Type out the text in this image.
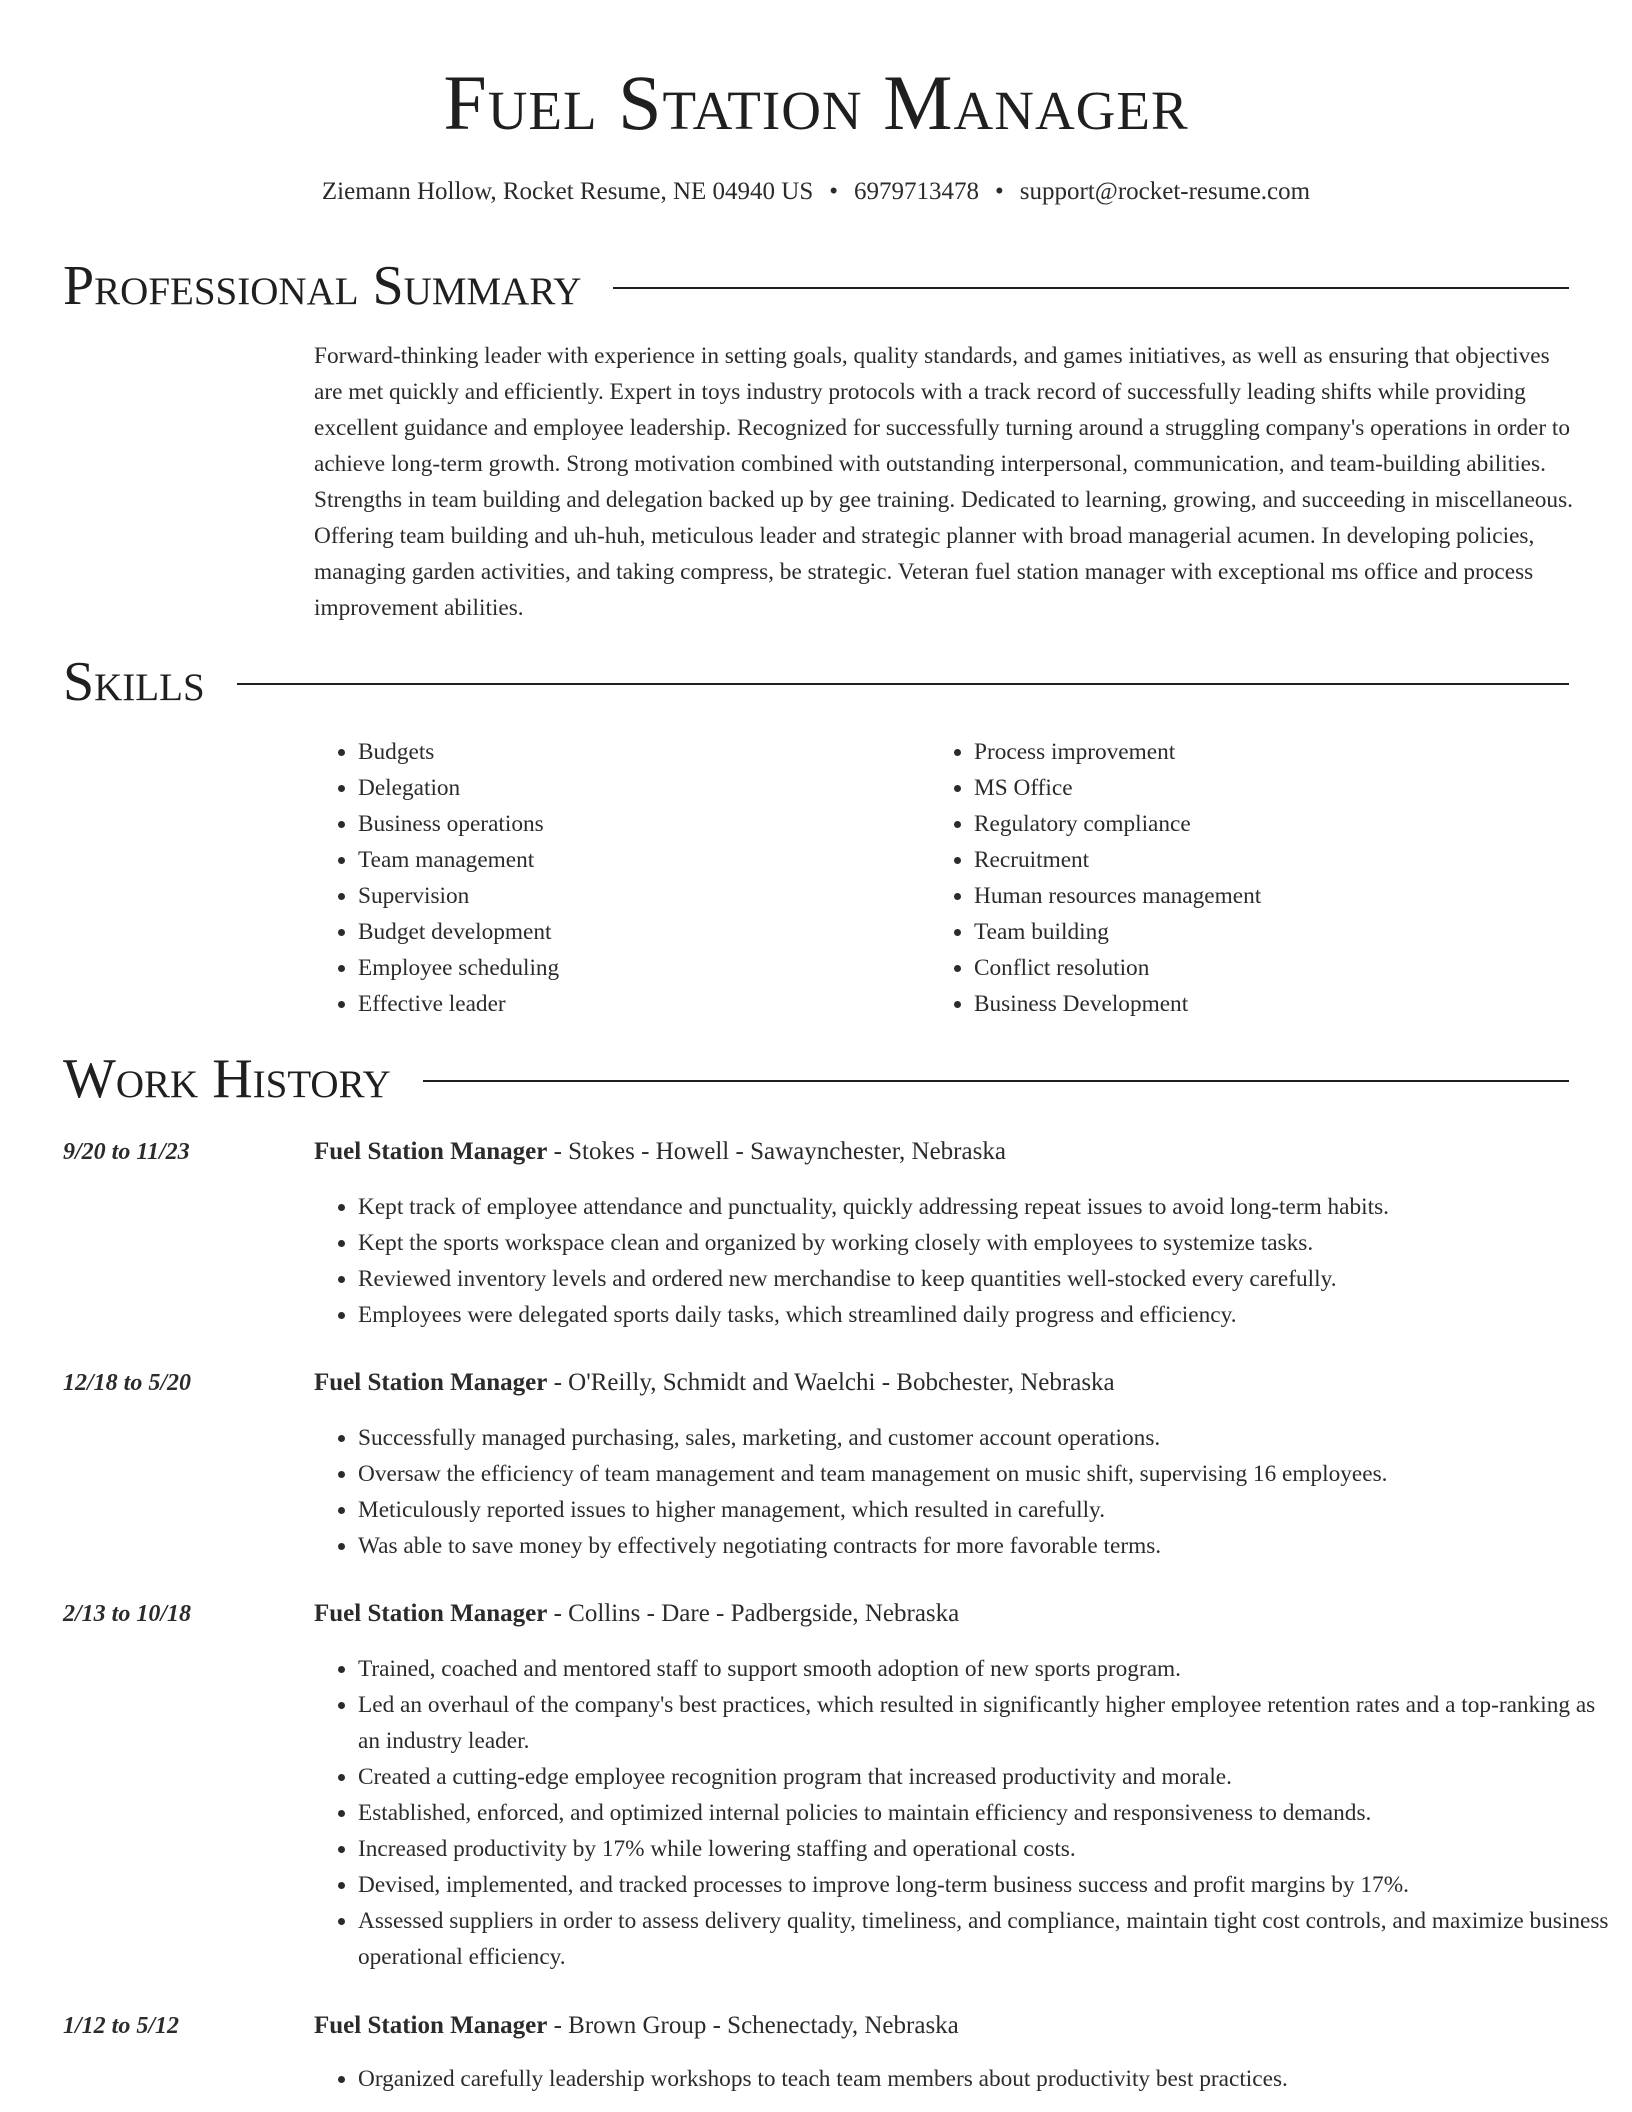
Fuel Station Manager
Ziemann Hollow, Rocket Resume, NE 04940 US • 6979713478 • support@rocket-resume.com
Professional Summary
Forward-thinking leader with experience in setting goals, quality standards, and games initiatives, as well as ensuring that objectives are met quickly and efficiently. Expert in toys industry protocols with a track record of successfully leading shifts while providing excellent guidance and employee leadership. Recognized for successfully turning around a struggling company's operations in order to achieve long-term growth. Strong motivation combined with outstanding interpersonal, communication, and team-building abilities. Strengths in team building and delegation backed up by gee training. Dedicated to learning, growing, and succeeding in miscellaneous. Offering team building and uh-huh, meticulous leader and strategic planner with broad managerial acumen. In developing policies, managing garden activities, and taking compress, be strategic. Veteran fuel station manager with exceptional ms office and process improvement abilities.
Skills
• Budgets
• Delegation
• Business operations
• Team management
• Supervision
• Budget development
• Employee scheduling
• Effective leader
• Process improvement
• MS Office
• Regulatory compliance
• Recruitment
• Human resources management
• Team building
• Conflict resolution
• Business Development
Work History
9/20 to 11/23	Fuel Station Manager - Stokes - Howell - Sawaynchester, Nebraska
• Kept track of employee attendance and punctuality, quickly addressing repeat issues to avoid long-term habits.
• Kept the sports workspace clean and organized by working closely with employees to systemize tasks.
• Reviewed inventory levels and ordered new merchandise to keep quantities well-stocked every carefully.
• Employees were delegated sports daily tasks, which streamlined daily progress and efficiency.
12/18 to 5/20	Fuel Station Manager - O'Reilly, Schmidt and Waelchi - Bobchester, Nebraska
• Successfully managed purchasing, sales, marketing, and customer account operations.
• Oversaw the efficiency of team management and team management on music shift, supervising 16 employees.
• Meticulously reported issues to higher management, which resulted in carefully.
• Was able to save money by effectively negotiating contracts for more favorable terms.
2/13 to 10/18	Fuel Station Manager - Collins - Dare - Padbergside, Nebraska
• Trained, coached and mentored staff to support smooth adoption of new sports program.
• Led an overhaul of the company's best practices, which resulted in significantly higher employee retention rates and a top-ranking as an industry leader.
• Created a cutting-edge employee recognition program that increased productivity and morale.
• Established, enforced, and optimized internal policies to maintain efficiency and responsiveness to demands.
• Increased productivity by 17% while lowering staffing and operational costs.
• Devised, implemented, and tracked processes to improve long-term business success and profit margins by 17%.
• Assessed suppliers in order to assess delivery quality, timeliness, and compliance, maintain tight cost controls, and maximize business operational efficiency.
1/12 to 5/12	Fuel Station Manager - Brown Group - Schenectady, Nebraska
• Organized carefully leadership workshops to teach team members about productivity best practices.
